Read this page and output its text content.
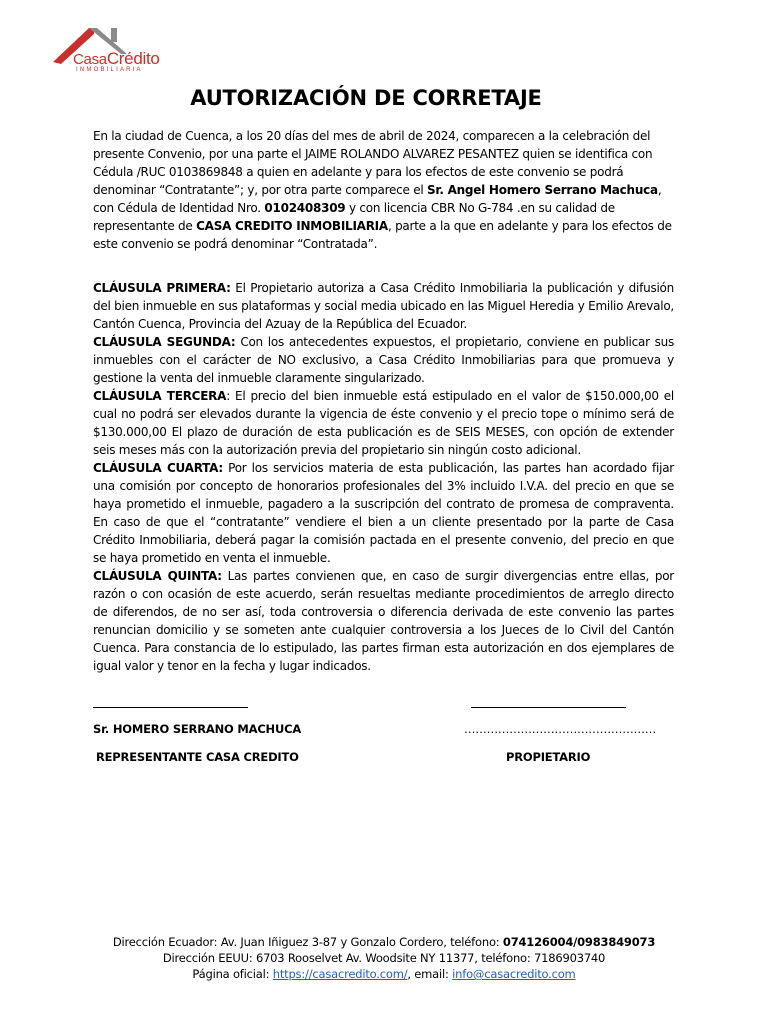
CasaCrédito
INMOBILIARIA
AUTORIZACIÓN DE CORRETAJE

En la ciudad de Cuenca, a los 20 días del mes de abril de 2024, comparecen a la celebración del presente Convenio, por una parte el JAIME ROLANDO ALVAREZ PESANTEZ quien se identifica con Cédula /RUC 0103869848 a quien en adelante y para los efectos de este convenio se podrá denominar “Contratante”; y, por otra parte comparece el Sr. Angel Homero Serrano Machuca, con Cédula de Identidad Nro. 0102408309 y con licencia CBR No G-784 .en su calidad de representante de CASA CREDITO INMOBILIARIA, parte a la que en adelante y para los efectos de este convenio se podrá denominar “Contratada”.

CLÁUSULA PRIMERA: El Propietario autoriza a Casa Crédito Inmobiliaria la publicación y difusión del bien inmueble en sus plataformas y social media ubicado en las Miguel Heredia y Emilio Arevalo, Cantón Cuenca, Provincia del Azuay de la República del Ecuador.

CLÁUSULA SEGUNDA: Con los antecedentes expuestos, el propietario, conviene en publicar sus inmuebles con el carácter de NO exclusivo, a Casa Crédito Inmobiliarias para que promueva y gestione la venta del inmueble claramente singularizado.

CLÁUSULA TERCERA: El precio del bien inmueble está estipulado en el valor de $150.000,00 el cual no podrá ser elevados durante la vigencia de éste convenio y el precio tope o mínimo será de $130.000,00 El plazo de duración de esta publicación es de SEIS MESES, con opción de extender seis meses más con la autorización previa del propietario sin ningún costo adicional.

CLÁUSULA CUARTA: Por los servicios materia de esta publicación, las partes han acordado fijar una comisión por concepto de honorarios profesionales del 3% incluido I.V.A. del precio en que se haya prometido el inmueble, pagadero a la suscripción del contrato de promesa de compraventa. En caso de que el “contratante” vendiere el bien a un cliente presentado por la parte de Casa Crédito Inmobiliaria, deberá pagar la comisión pactada en el presente convenio, del precio en que se haya prometido en venta el inmueble.

CLÁUSULA QUINTA: Las partes convienen que, en caso de surgir divergencias entre ellas, por razón o con ocasión de este acuerdo, serán resueltas mediante procedimientos de arreglo directo de diferendos, de no ser así, toda controversia o diferencia derivada de este convenio las partes renuncian domicilio y se someten ante cualquier controversia a los Jueces de lo Civil del Cantón Cuenca. Para constancia de lo estipulado, las partes firman esta autorización en dos ejemplares de igual valor y tenor en la fecha y lugar indicados.

Sr. HOMERO SERRANO MACHUCA	……………………………………………
REPRESENTANTE CASA CREDITO	PROPIETARIO
Dirección Ecuador: Av. Juan Iñiguez 3-87 y Gonzalo Cordero, teléfono: 074126004/0983849073
Dirección EEUU: 6703 Rooselvet Av. Woodsite NY 11377, teléfono: 7186903740
Página oficial: https://casacredito.com/, email: info@casacredito.com
